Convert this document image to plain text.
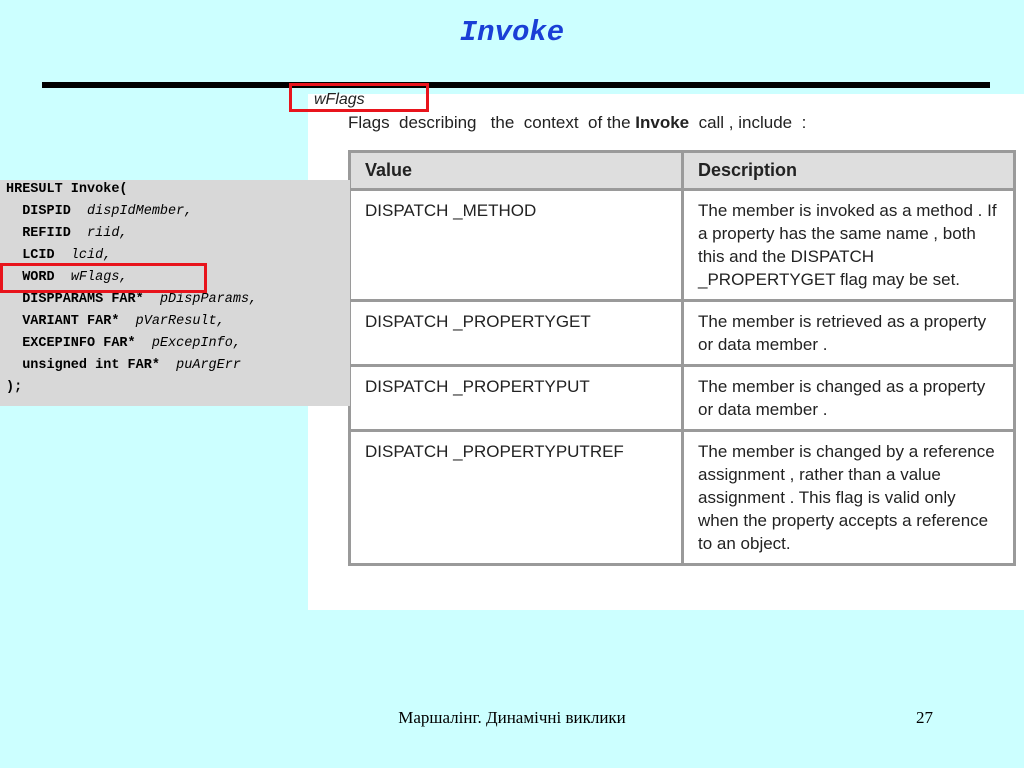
Invoke
wFlags
Flags  describing   the  context  of the Invoke  call , include  :
Value	Description
DISPATCH _METHOD	The member is invoked as a method . If a property has the same name , both this and the DISPATCH _PROPERTYGET flag may be set.
DISPATCH _PROPERTYGET	The member is retrieved as a property or data member .
DISPATCH _PROPERTYPUT	The member is changed as a property or data member .
DISPATCH _PROPERTYPUTREF	The member is changed by a reference assignment , rather than a value assignment . This flag is valid only when the property accepts a reference to an object.
HRESULT Invoke(
DISPID dispIdMember,
REFIID riid,
LCID lcid,
WORD wFlags,
DISPPARAMS FAR* pDispParams,
VARIANT FAR* pVarResult,
EXCEPINFO FAR* pExcepInfo,
unsigned int FAR* puArgErr
);
Маршалінг. Динамічні виклики	27
